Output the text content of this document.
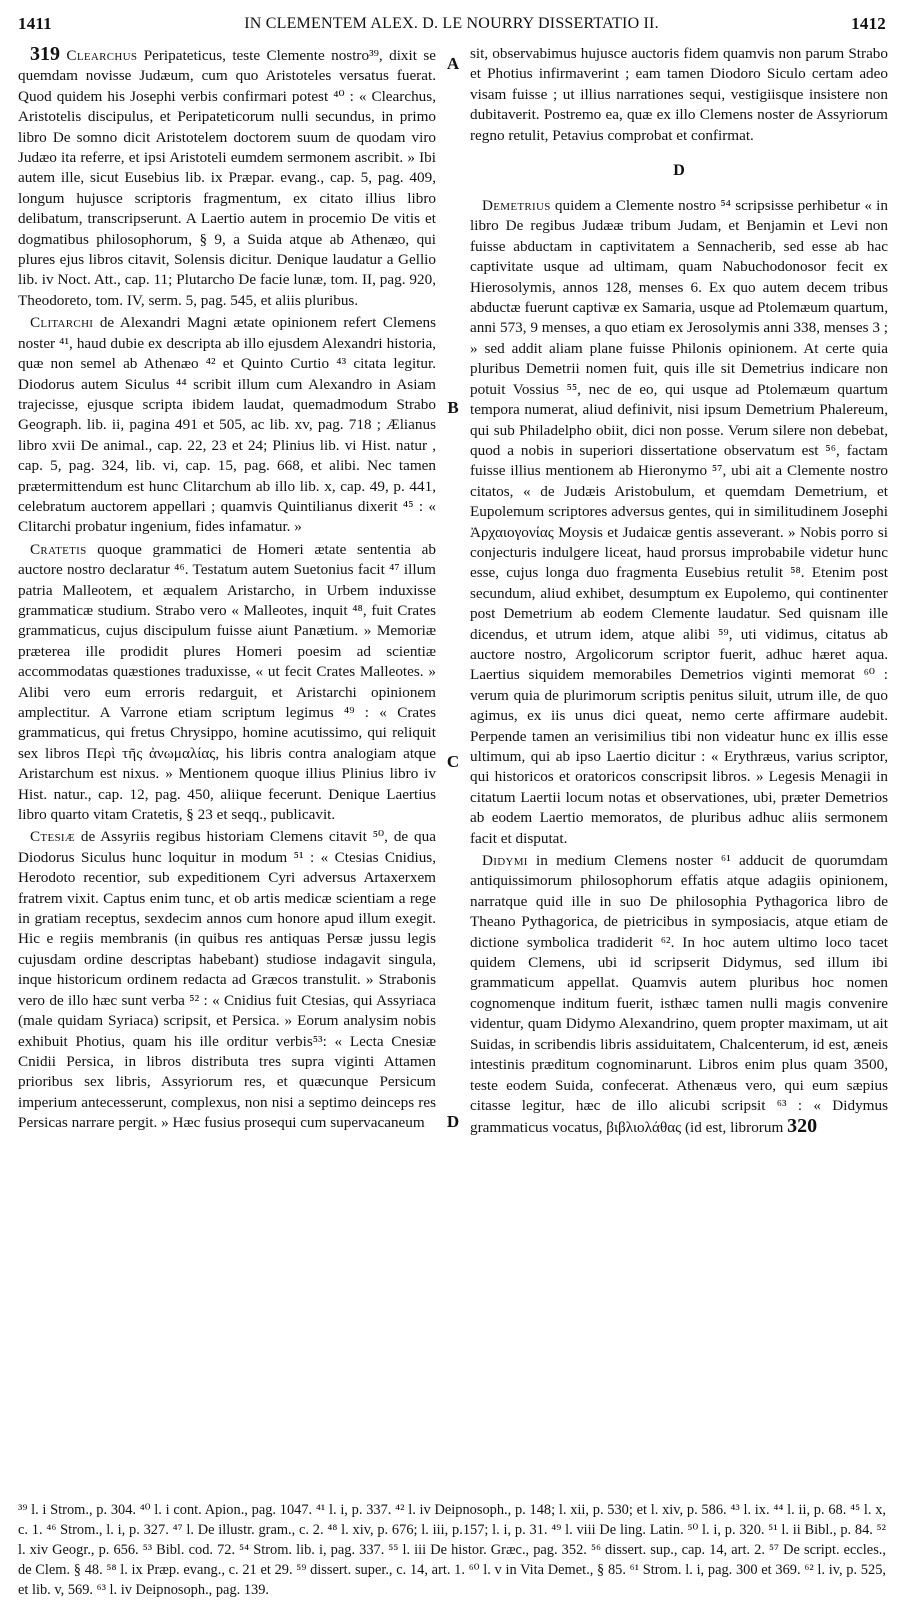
1411	IN CLEMENTEM ALEX. D. LE NOURRY DISSERTATIO II.	1412
A
B
C
D

319 Clearchus Peripateticus, teste Clemente nostro³⁹, dixit se quemdam novisse Judæum, cum quo Aristoteles versatus fuerat. Quod quidem his Josephi verbis confirmari potest ⁴⁰ : « Clearchus, Aristotelis discipulus, et Peripateticorum nulli secundus, in primo libro De somno dicit Aristotelem doctorem suum de quodam viro Judæo ita referre, et ipsi Aristoteli eumdem sermonem ascribit. » Ibi autem ille, sicut Eusebius lib. ix Præpar. evang., cap. 5, pag. 409, longum hujusce scriptoris fragmentum, ex citato illius libro delibatum, transcripserunt. A Laertio autem in procemio De vitis et dogmatibus philosophorum, § 9, a Suida atque ab Athenæo, qui plures ejus libros citavit, Solensis dicitur. Denique laudatur a Gellio lib. iv Noct. Att., cap. 11; Plutarcho De facie lunæ, tom. II, pag. 920, Theodoreto, tom. IV, serm. 5, pag. 545, et aliis pluribus.

Clitarchi de Alexandri Magni ætate opinionem refert Clemens noster ⁴¹, haud dubie ex descripta ab illo ejusdem Alexandri historia, quæ non semel ab Athenæo ⁴² et Quinto Curtio ⁴³ citata legitur. Diodorus autem Siculus ⁴⁴ scribit illum cum Alexandro in Asiam trajecisse, ejusque scripta ibidem laudat, quemadmodum Strabo Geograph. lib. ii, pagina 491 et 505, ac lib. xv, pag. 718 ; Ælianus libro xvii De animal., cap. 22, 23 et 24; Plinius lib. vi Hist. natur , cap. 5, pag. 324, lib. vi, cap. 15, pag. 668, et alibi. Nec tamen prætermittendum est hunc Clitarchum ab illo lib. x, cap. 49, p. 441, celebratum auctorem appellari ; quamvis Quintilianus dixerit ⁴⁵ : « Clitarchi probatur ingenium, fides infamatur. »

Cratetis quoque grammatici de Homeri ætate sententia ab auctore nostro declaratur ⁴⁶. Testatum autem Suetonius facit ⁴⁷ illum patria Malleotem, et æqualem Aristarcho, in Urbem induxisse grammaticæ studium. Strabo vero « Malleotes, inquit ⁴⁸, fuit Crates grammaticus, cujus discipulum fuisse aiunt Panætium. » Memoriæ præterea ille prodidit plures Homeri poesim ad scientiæ accommodatas quæstiones traduxisse, « ut fecit Crates Malleotes. » Alibi vero eum erroris redarguit, et Aristarchi opinionem amplectitur. A Varrone etiam scriptum legimus ⁴⁹ : « Crates grammaticus, qui fretus Chrysippo, homine acutissimo, qui reliquit sex libros Περὶ τῆς ἀνωμαλίας, his libris contra analogiam atque Aristarchum est nixus. » Mentionem quoque illius Plinius libro iv Hist. natur., cap. 12, pag. 450, aliique fecerunt. Denique Laertius libro quarto vitam Cratetis, § 23 et seqq., publicavit.

Ctesiæ de Assyriis regibus historiam Clemens citavit ⁵⁰, de qua Diodorus Siculus hunc loquitur in modum ⁵¹ : « Ctesias Cnidius, Herodoto recentior, sub expeditionem Cyri adversus Artaxerxem fratrem vixit. Captus enim tunc, et ob artis medicæ scientiam a rege in gratiam receptus, sexdecim annos cum honore apud illum exegit. Hic e regiis membranis (in quibus res antiquas Persæ jussu legis cujusdam ordine descriptas habebant) studiose indagavit singula, inque historicum ordinem redacta ad Græcos transtulit. » Strabonis vero de illo hæc sunt verba ⁵² : « Cnidius fuit Ctesias, qui Assyriaca (male quidam Syriaca) scripsit, et Persica. » Eorum analysim nobis exhibuit Photius, quam his ille orditur verbis⁵³: « Lecta Cnesiæ Cnidii Persica, in libros distributa tres supra viginti Attamen prioribus sex libris, Assyriorum res, et quæcunque Persicum imperium antecesserunt, complexus, non nisi a septimo deinceps res Persicas narrare pergit. » Hæc fusius prosequi cum supervacaneum

sit, observabimus hujusce auctoris fidem quamvis non parum Strabo et Photius infirmaverint ; eam tamen Diodoro Siculo certam adeo visam fuisse ; ut illius narrationes sequi, vestigiisque insistere non dubitaverit. Postremo ea, quæ ex illo Clemens noster de Assyriorum regno retulit, Petavius comprobat et confirmat.

D

Demetrius quidem a Clemente nostro ⁵⁴ scripsisse perhibetur « in libro De regibus Judææ tribum Judam, et Benjamin et Levi non fuisse abductam in captivitatem a Sennacherib, sed esse ab hac captivitate usque ad ultimam, quam Nabuchodonosor fecit ex Hierosolymis, annos 128, menses 6. Ex quo autem decem tribus abductæ fuerunt captivæ ex Samaria, usque ad Ptolemæum quartum, anni 573, 9 menses, a quo etiam ex Jerosolymis anni 338, menses 3 ; » sed addit aliam plane fuisse Philonis opinionem. At certe quia pluribus Demetrii nomen fuit, quis ille sit Demetrius indicare non potuit Vossius ⁵⁵, nec de eo, qui usque ad Ptolemæum quartum tempora numerat, aliud definivit, nisi ipsum Demetrium Phalereum, qui sub Philadelpho obiit, dici non posse. Verum silere non debebat, quod a nobis in superiori dissertatione observatum est ⁵⁶, factam fuisse illius mentionem ab Hieronymo ⁵⁷, ubi ait a Clemente nostro citatos, « de Judæis Aristobulum, et quemdam Demetrium, et Eupolemum scriptores adversus gentes, qui in similitudinem Josephi Ἀρχαιογονίας Moysis et Judaicæ gentis asseverant. » Nobis porro si conjecturis indulgere liceat, haud prorsus improbabile videtur hunc esse, cujus longa duo fragmenta Eusebius retulit ⁵⁸. Etenim post secundum, aliud exhibet, desumptum ex Eupolemo, qui continenter post Demetrium ab eodem Clemente laudatur. Sed quisnam ille dicendus, et utrum idem, atque alibi ⁵⁹, uti vidimus, citatus ab auctore nostro, Argolicorum scriptor fuerit, adhuc hæret aqua. Laertius siquidem memorabiles Demetrios viginti memorat ⁶⁰ : verum quia de plurimorum scriptis penitus siluit, utrum ille, de quo agimus, ex iis unus dici queat, nemo certe affirmare audebit. Perpende tamen an verisimilius tibi non videatur hunc ex illis esse ultimum, qui ab ipso Laertio dicitur : « Erythræus, varius scriptor, qui historicos et oratoricos conscripsit libros. » Legesis Menagii in citatum Laertii locum notas et observationes, ubi, præter Demetrios ab eodem Laertio memoratos, de pluribus adhuc aliis sermonem facit et disputat.

Didymi in medium Clemens noster ⁶¹ adducit de quorumdam antiquissimorum philosophorum effatis atque adagiis opinionem, narratque quid ille in suo De philosophia Pythagorica libro de Theano Pythagorica, de pietricibus in symposiacis, atque etiam de dictione symbolica tradiderit ⁶². In hoc autem ultimo loco tacet quidem Clemens, ubi id scripserit Didymus, sed illum ibi grammaticum appellat. Quamvis autem pluribus hoc nomen cognomenque inditum fuerit, isthæc tamen nulli magis convenire videntur, quam Didymo Alexandrino, quem propter maximam, ut ait Suidas, in scribendis libris assiduitatem, Chalcenterum, id est, æneis intestinis præditum cognominarunt. Libros enim plus quam 3500, teste eodem Suida, confecerat. Athenæus vero, qui eum sæpius citasse legitur, hæc de illo alicubi scripsit ⁶³ : « Didymus grammaticus vocatus, βιβλιολάθας (id est, librorum 320

³⁹ l. i Strom., p. 304. ⁴⁰ l. i cont. Apion., pag. 1047. ⁴¹ l. i, p. 337. ⁴² l. iv Deipnosoph., p. 148; l. xii, p. 530; et l. xiv, p. 586. ⁴³ l. ix. ⁴⁴ l. ii, p. 68. ⁴⁵ l. x, c. 1. ⁴⁶ Strom., l. i, p. 327. ⁴⁷ l. De illustr. gram., c. 2. ⁴⁸ l. xiv, p. 676; l. iii, p.157; l. i, p. 31. ⁴⁹ l. viii De ling. Latin. ⁵⁰ l. i, p. 320. ⁵¹ l. ii Bibl., p. 84. ⁵² l. xiv Geogr., p. 656. ⁵³ Bibl. cod. 72. ⁵⁴ Strom. lib. i, pag. 337. ⁵⁵ l. iii De histor. Græc., pag. 352. ⁵⁶ dissert. sup., cap. 14, art. 2. ⁵⁷ De script. eccles., de Clem. § 48. ⁵⁸ l. ix Præp. evang., c. 21 et 29. ⁵⁹ dissert. super., c. 14, art. 1. ⁶⁰ l. v in Vita Demet., § 85. ⁶¹ Strom. l. i, pag. 300 et 369. ⁶² l. iv, p. 525, et lib. v, 569. ⁶³ l. iv Deipnosoph., pag. 139.
